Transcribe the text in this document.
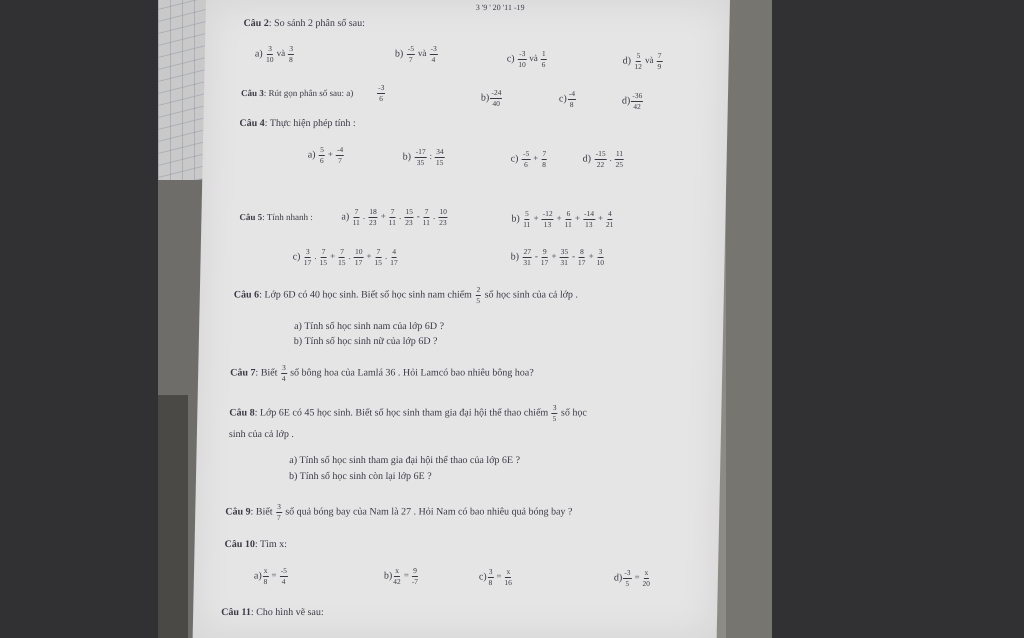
3 '9 ' 20 '11 -19
Câu 2: So sánh 2 phân số sau:
$a) \frac{3}{10}$ và $\frac{3}{8}$	$b) \frac{-5}{7}$ và $\frac{-3}{4}$	$c) \frac{-3}{10}$ và $\frac{1}{6}$	$d) \frac{5}{12}$ và $\frac{7}{9}$
Câu 3: Rút gọn phân số sau: a)	$\frac{-3}{6}$	$b) \frac{-24}{40}$	$c) \frac{-4}{8}$	$d) \frac{-36}{42}$
Câu 4: Thực hiện phép tính :
$a) \frac{5}{6} + \frac{-4}{7}$	$b) \frac{-17}{35}$ : $\frac{34}{15}$	$c) \frac{-5}{6} + \frac{7}{8}$	$d) \frac{-15}{22}$ . $\frac{11}{25}$
Câu 5: Tính nhanh :	$a) \frac{7}{11}$ . $\frac{18}{23} + \frac{7}{11}$ . $\frac{15}{23} - \frac{7}{11}$ . $\frac{10}{23}$	$b) \frac{5}{11} + \frac{-12}{13} + \frac{6}{11} + \frac{-14}{13} + \frac{4}{21}$
$c) \frac{3}{17}$ . $\frac{7}{15} + \frac{7}{15}$ . $\frac{10}{17} + \frac{7}{15}$ . $\frac{4}{17}$	$b) \frac{27}{31} - \frac{9}{17} + \frac{35}{31} - \frac{8}{17} + \frac{3}{10}$
Câu 6: Lớp 6D có 40 học sinh. Biết số học sinh nam chiếm $\frac{2}{5}$ số học sinh của cả lớp .
a) Tính số học sinh nam của lớp 6D ?
b) Tính số học sinh nữ của lớp 6D ?
Câu 7: Biết $\frac{3}{4}$ số bông hoa của Lamlá 36 . Hỏi Lamcó bao nhiêu bông hoa?
Câu 8: Lớp 6E có 45 học sinh. Biết số học sinh tham gia đại hội thể thao chiếm $\frac{3}{5}$ số học
sinh của cả lớp .
a) Tính số học sinh tham gia đại hội thể thao của lớp 6E ?
b) Tính số học sinh còn lại lớp 6E ?
Câu 9: Biết $\frac{3}{7}$ số quả bóng bay của Nam là 27 . Hỏi Nam có bao nhiêu quả bóng bay ?
Câu 10: Tìm x:
$a) \frac{x}{8} = \frac{-5}{4}$	$b) \frac{x}{42} = \frac{9}{-7}$	$c) \frac{3}{8} = \frac{x}{16}$	$d) \frac{-3}{5} = \frac{x}{20}$
Câu 11: Cho hình vẽ sau:
